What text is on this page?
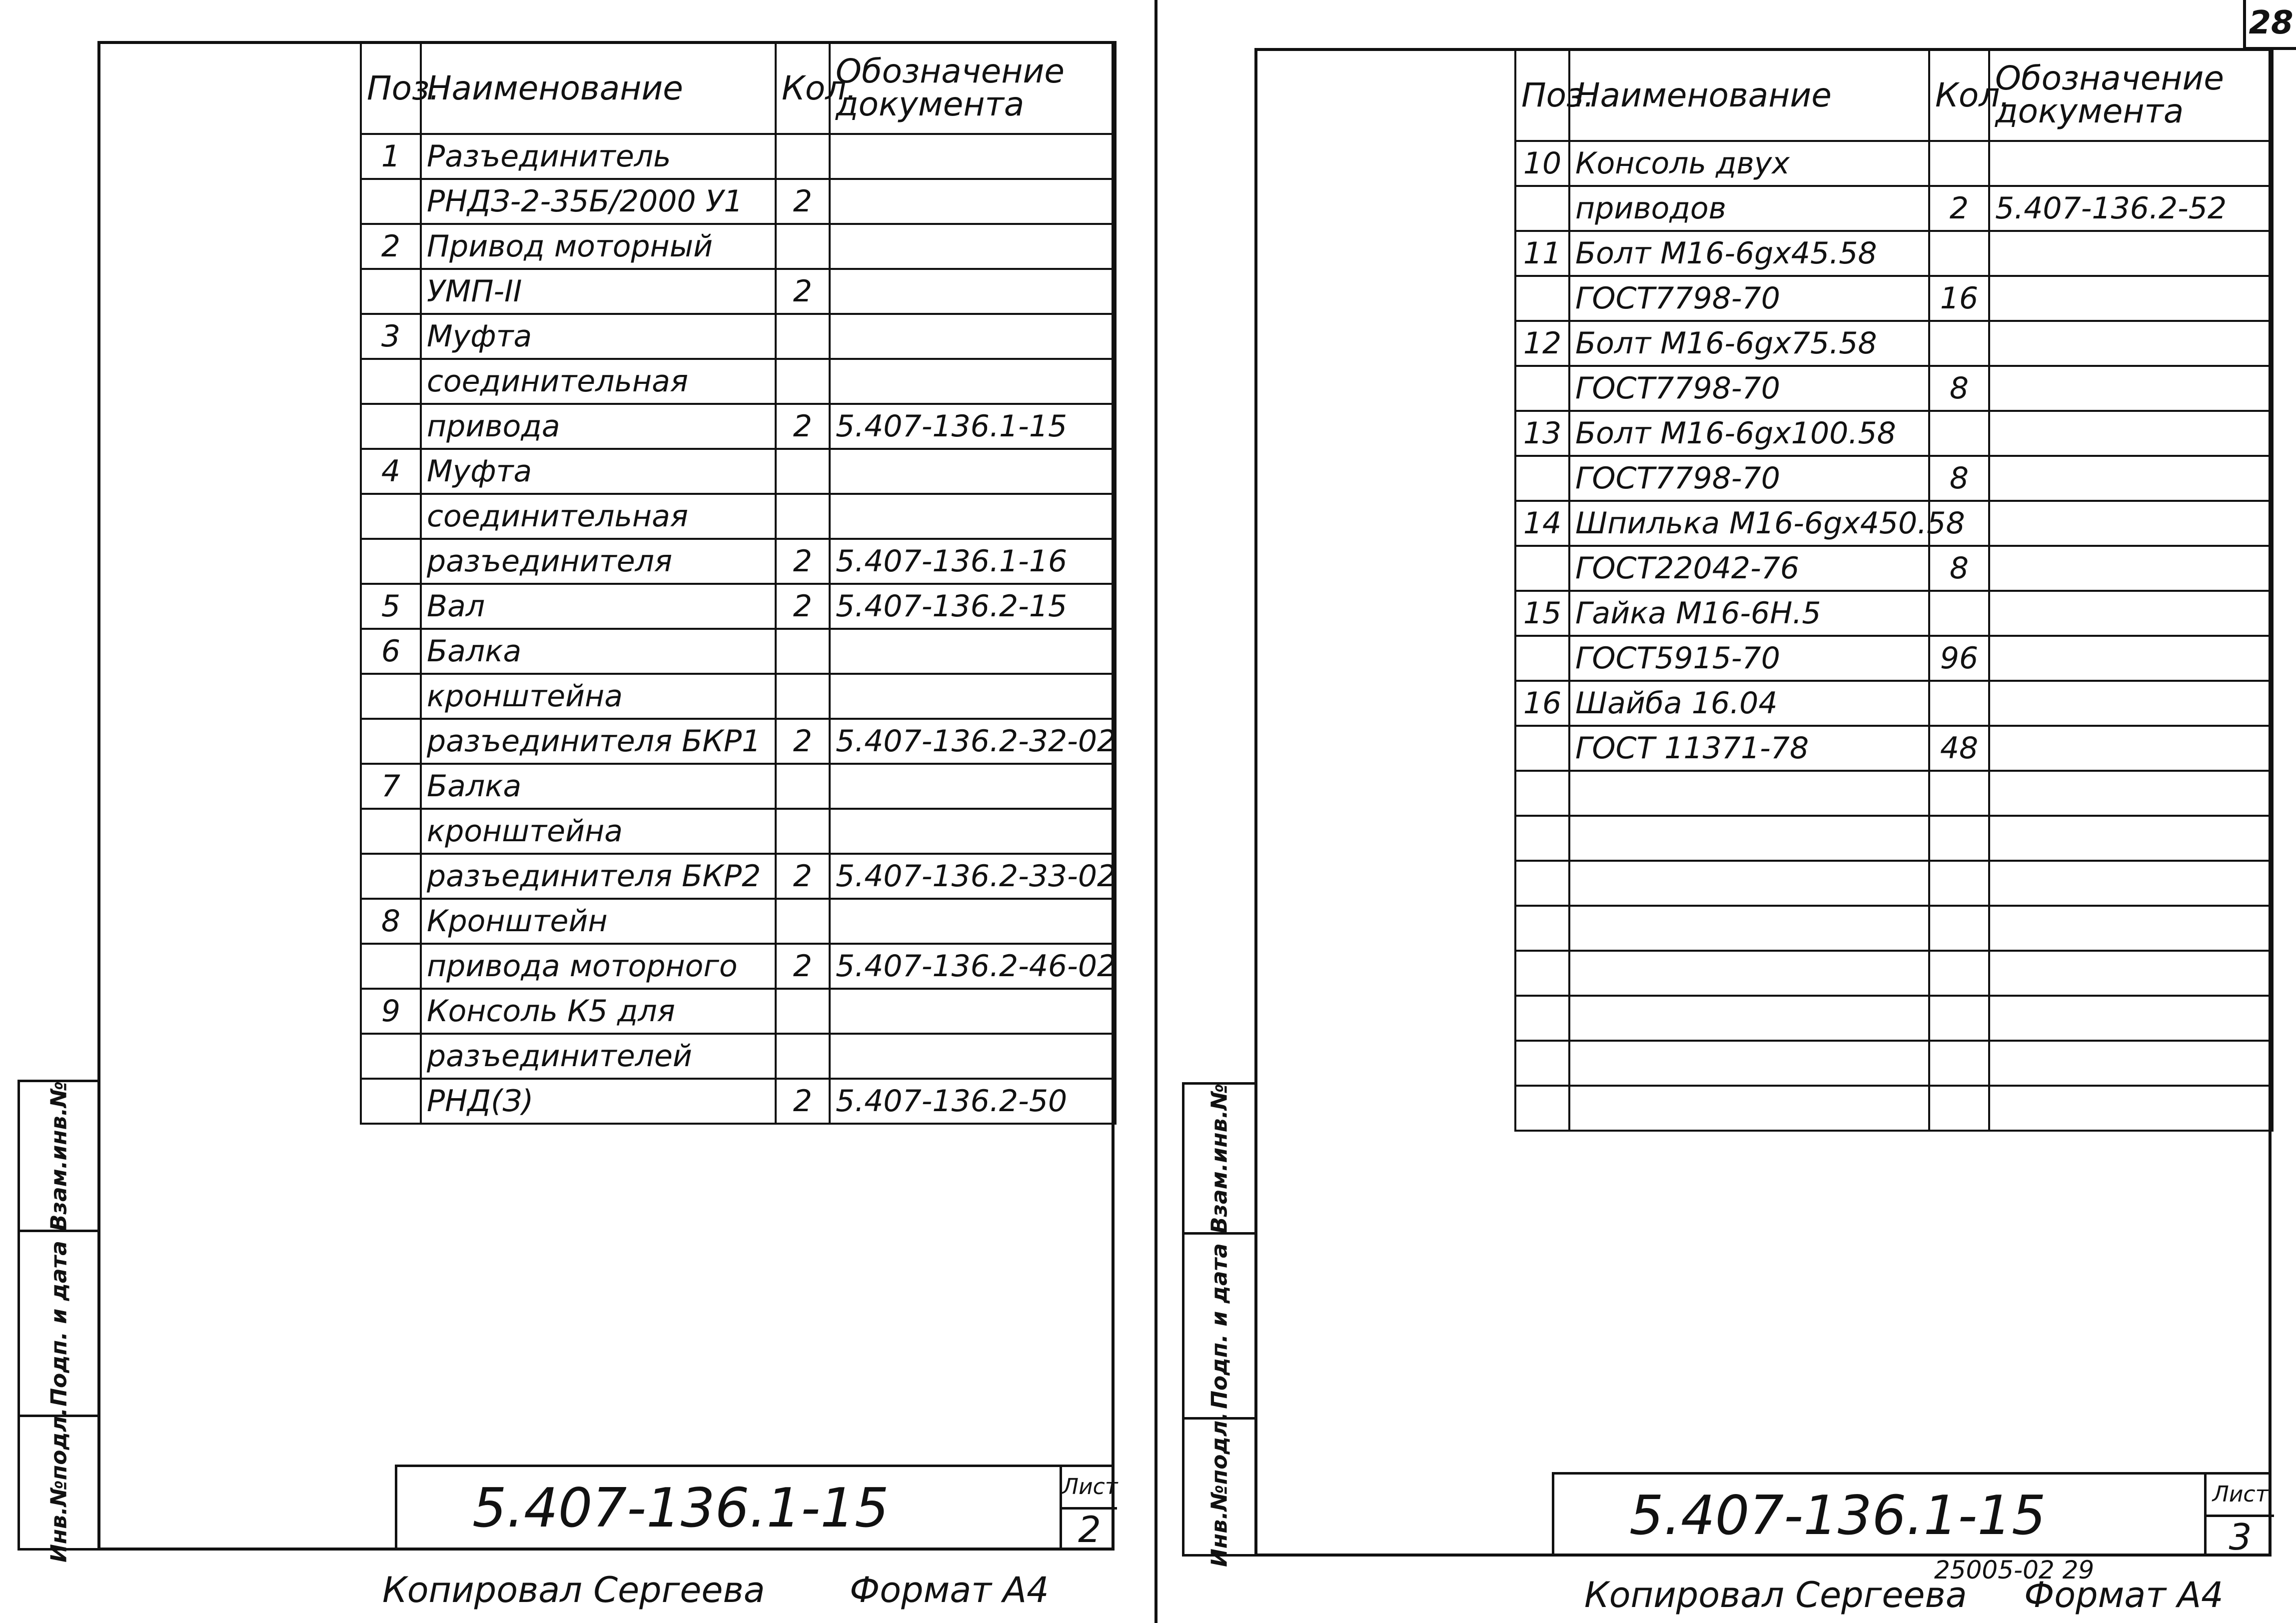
28
Взам.инв.№
Подп. и дата
Инв.№подл.
Поз.	Наименование	Кол.	Обозначение документа
1	Разъединитель		
	РНДЗ-2-35Б/2000 У1	2	
2	Привод моторный		
	УМП-II	2	
3	Муфта		
	соединительная		
	привода	2	5.407-136.1-15
4	Муфта		
	соединительная		
	разъединителя	2	5.407-136.1-16
5	Вал	2	5.407-136.2-15
6	Балка		
	кронштейна		
	разъединителя БКР1	2	5.407-136.2-32-02
7	Балка		
	кронштейна		
	разъединителя БКР2	2	5.407-136.2-33-02
8	Кронштейн		
	привода моторного	2	5.407-136.2-46-02
9	Консоль К5 для		
	разъединителей		
	РНД(З)	2	5.407-136.2-50
5.407-136.1-15	Лист
2
Копировал Сергеева Формат А4
Взам.инв.№
Подп. и дата
Инв.№подл.
Поз.	Наименование	Кол.	Обозначение документа
10	Консоль двух		
	приводов	2	5.407-136.2-52
11	Болт М16-6gх45.58		
	ГОСТ7798-70	16	
12	Болт М16-6gх75.58		
	ГОСТ7798-70	8	
13	Болт М16-6gх100.58		
	ГОСТ7798-70	8	
14	Шпилька М16-6gх450.58		
	ГОСТ22042-76	8	
15	Гайка М16-6Н.5		
	ГОСТ5915-70	96	
16	Шайба 16.04		
	ГОСТ 11371-78	48	

5.407-136.1-15	Лист
3
25005-02 29
Копировал Сергеева Формат А4
